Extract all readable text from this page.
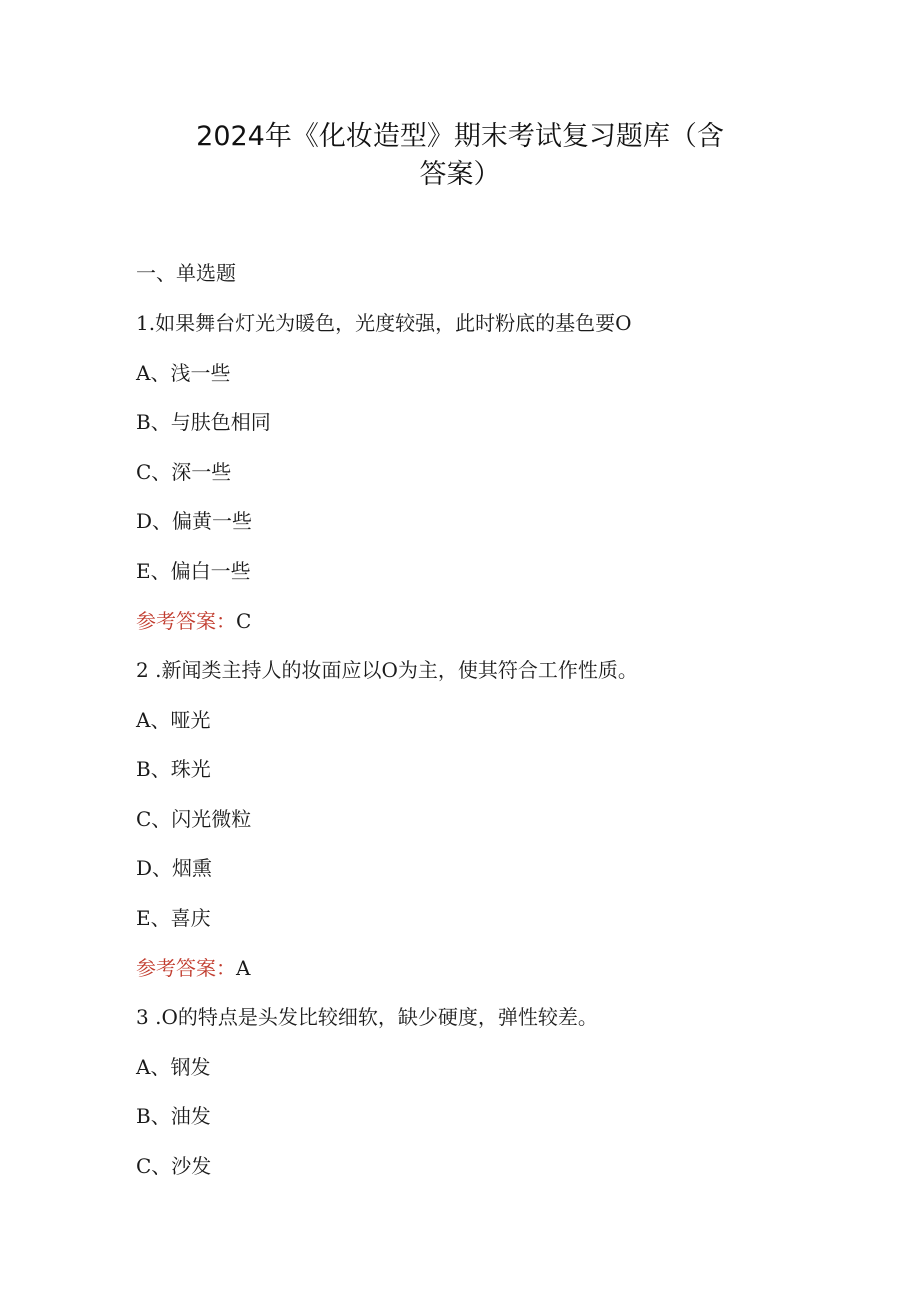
2024年《化妆造型》期末考试复习题库（含
答案）
一、单选题
1.如果舞台灯光为暖色，光度较强，此时粉底的基色要O
A、浅一些
B、与肤色相同
C、深一些
D、偏黄一些
E、偏白一些
参考答案：C
2 .新闻类主持人的妆面应以O为主，使其符合工作性质。
A、哑光
B、珠光
C、闪光微粒
D、烟熏
E、喜庆
参考答案：A
3 .O的特点是头发比较细软，缺少硬度，弹性较差。
A、钢发
B、油发
C、沙发
